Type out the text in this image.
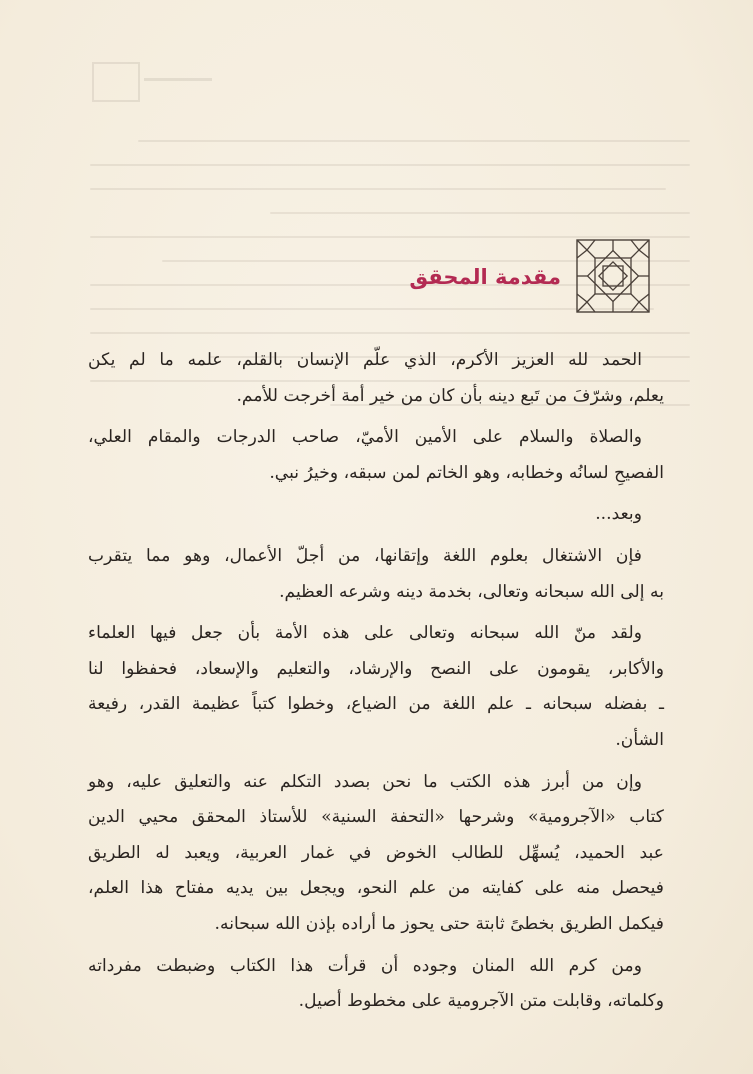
مقدمة المحقق
الحمد لله العزيز الأكرم، الذي علّم الإنسان بالقلم، علمه ما لم يكن
يعلم، وشرّفَ من تَبع دينه بأن كان من خير أمة أخرجت للأمم.
والصلاة والسلام على الأمين الأميّ، صاحب الدرجات والمقام العلي،
الفصيحِ لسانُه وخطابه، وهو الخاتم لمن سبقه، وخيرُ نبي.
وبعد...
فإن الاشتغال بعلوم اللغة وإتقانها، من أجلّ الأعمال، وهو مما يتقرب
به إلى الله سبحانه وتعالى، بخدمة دينه وشرعه العظيم.
ولقد منّ الله سبحانه وتعالى على هذه الأمة بأن جعل فيها العلماء
والأكابر، يقومون على النصح والإرشاد، والتعليم والإسعاد، فحفظوا لنا
ـ بفضله سبحانه ـ علم اللغة من الضياع، وخطوا كتباً عظيمة القدر، رفيعة
الشأن.
وإن من أبرز هذه الكتب ما نحن بصدد التكلم عنه والتعليق عليه، وهو
كتاب «الآجرومية» وشرحها «التحفة السنية» للأستاذ المحقق محيي الدين
عبد الحميد، يُسهِّل للطالب الخوض في غمار العربية، ويعبد له الطريق
فيحصل منه على كفايته من علم النحو، ويجعل بين يديه مفتاح هذا العلم،
فيكمل الطريق بخطىً ثابتة حتى يحوز ما أراده بإذن الله سبحانه.
ومن كرم الله المنان وجوده أن قرأت هذا الكتاب وضبطت مفرداته
وكلماته، وقابلت متن الآجرومية على مخطوط أصيل.
